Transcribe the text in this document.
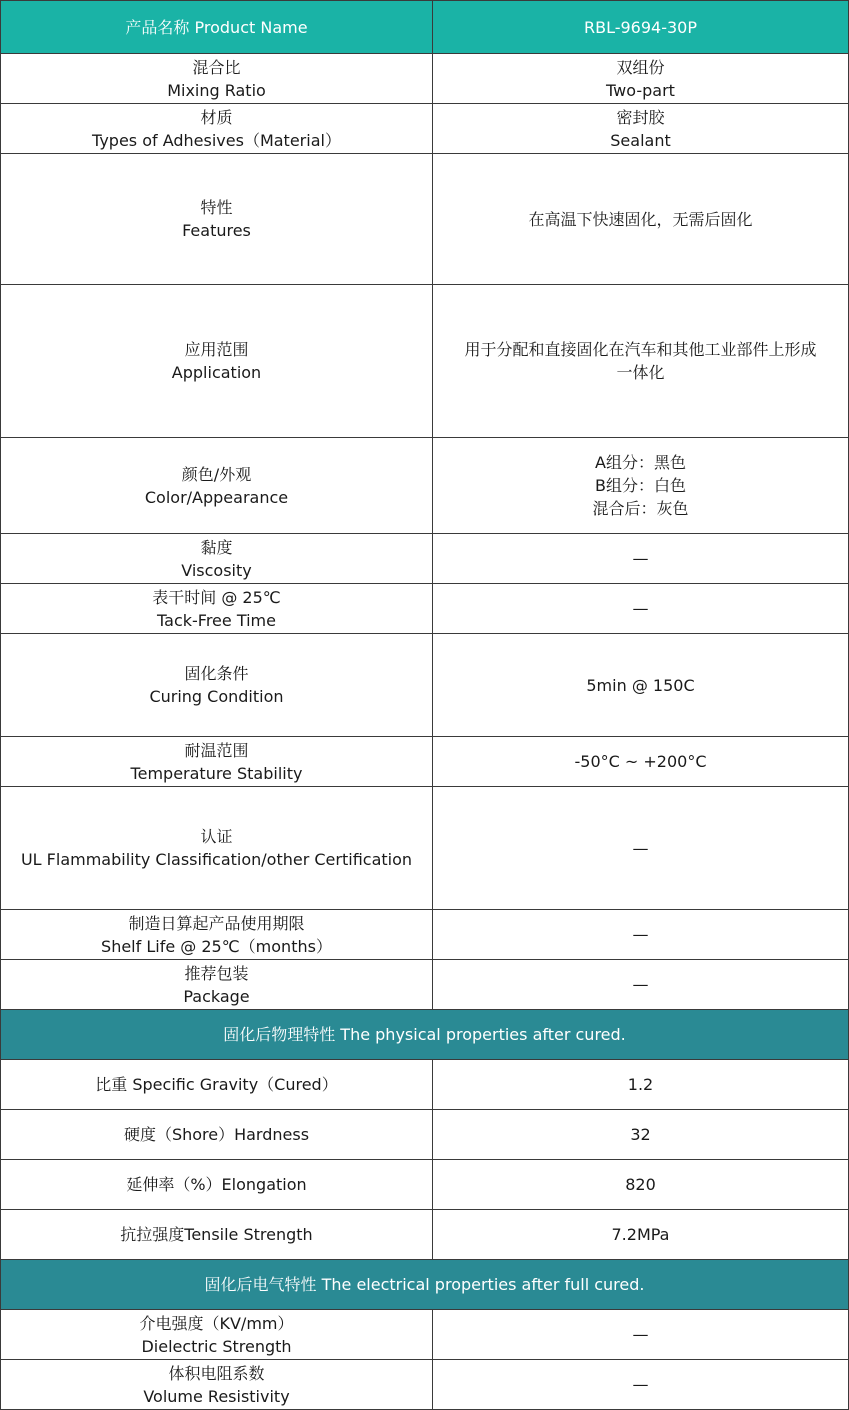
产品名称 Product Name	RBL-9694-30P

混合比
Mixing Ratio	双组份
Two-part

材质
Types of Adhesives（Material）	密封胶
Sealant

特性
Features	在高温下快速固化，无需后固化

应用范围
Application	用于分配和直接固化在汽车和其他工业部件上形成
一体化

颜色/外观
Color/Appearance	A组分：黑色
B组分：白色
混合后：灰色

黏度
Viscosity	—

表干时间 @ 25℃
Tack-Free Time	—

固化条件
Curing Condition	5min @ 150C

耐温范围
Temperature Stability	-50°C ~ +200°C

认证
UL Flammability Classification/other Certification	—

制造日算起产品使用期限
Shelf Life @ 25℃（months）	—

推荐包装
Package	—

固化后物理特性 The physical properties after cured.	
比重 Specific Gravity（Cured）	1.2
硬度（Shore）Hardness	32
延伸率（%）Elongation	820
抗拉强度Tensile Strength	7.2MPa
固化后电气特性 The electrical properties after full cured.	

介电强度（KV/mm）
Dielectric Strength	—

体积电阻系数
Volume Resistivity	—
